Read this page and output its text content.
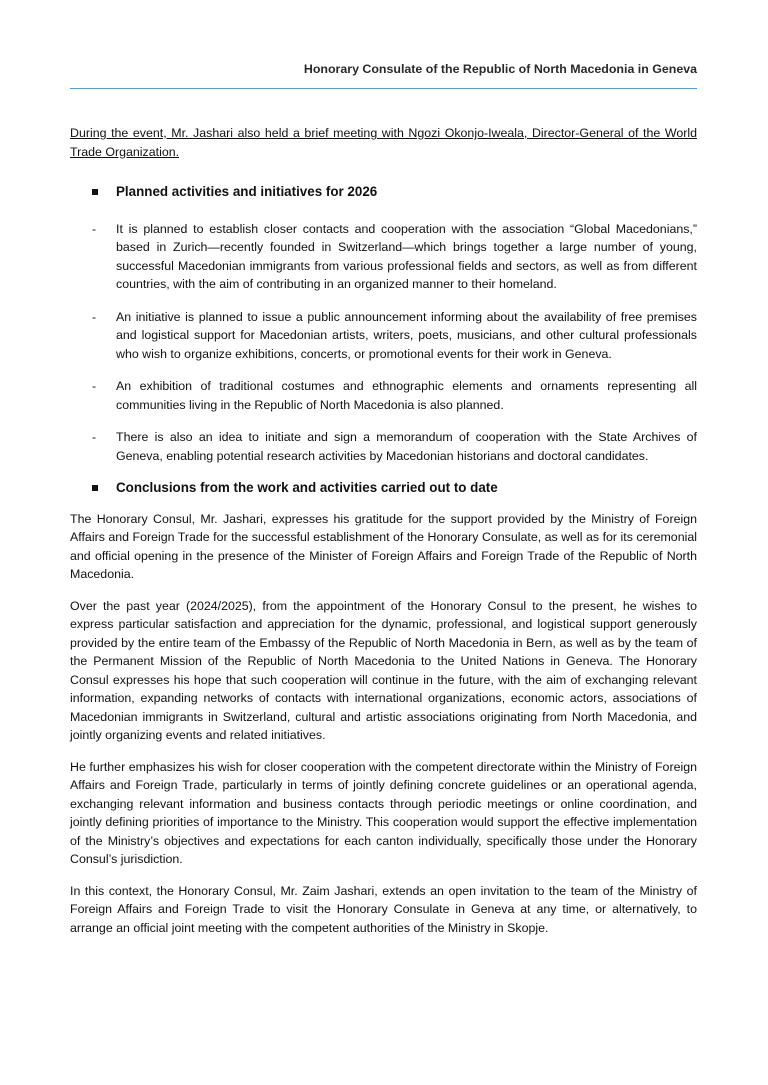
Honorary Consulate of the Republic of North Macedonia in Geneva

During the event, Mr. Jashari also held a brief meeting with Ngozi Okonjo-Iweala, Director-General of the World Trade Organization.

Planned activities and initiatives for 2026
-	It is planned to establish closer contacts and cooperation with the association “Global Macedonians,” based in Zurich—recently founded in Switzerland—which brings together a large number of young, successful Macedonian immigrants from various professional fields and sectors, as well as from different countries, with the aim of contributing in an organized manner to their homeland.
-	An initiative is planned to issue a public announcement informing about the availability of free premises and logistical support for Macedonian artists, writers, poets, musicians, and other cultural professionals who wish to organize exhibitions, concerts, or promotional events for their work in Geneva.
-	An exhibition of traditional costumes and ethnographic elements and ornaments representing all communities living in the Republic of North Macedonia is also planned.
-	There is also an idea to initiate and sign a memorandum of cooperation with the State Archives of Geneva, enabling potential research activities by Macedonian historians and doctoral candidates.
Conclusions from the work and activities carried out to date

The Honorary Consul, Mr. Jashari, expresses his gratitude for the support provided by the Ministry of Foreign Affairs and Foreign Trade for the successful establishment of the Honorary Consulate, as well as for its ceremonial and official opening in the presence of the Minister of Foreign Affairs and Foreign Trade of the Republic of North Macedonia.

Over the past year (2024/2025), from the appointment of the Honorary Consul to the present, he wishes to express particular satisfaction and appreciation for the dynamic, professional, and logistical support generously provided by the entire team of the Embassy of the Republic of North Macedonia in Bern, as well as by the team of the Permanent Mission of the Republic of North Macedonia to the United Nations in Geneva. The Honorary Consul expresses his hope that such cooperation will continue in the future, with the aim of exchanging relevant information, expanding networks of contacts with international organizations, economic actors, associations of Macedonian immigrants in Switzerland, cultural and artistic associations originating from North Macedonia, and jointly organizing events and related initiatives.

He further emphasizes his wish for closer cooperation with the competent directorate within the Ministry of Foreign Affairs and Foreign Trade, particularly in terms of jointly defining concrete guidelines or an operational agenda, exchanging relevant information and business contacts through periodic meetings or online coordination, and jointly defining priorities of importance to the Ministry. This cooperation would support the effective implementation of the Ministry’s objectives and expectations for each canton individually, specifically those under the Honorary Consul’s jurisdiction.

In this context, the Honorary Consul, Mr. Zaim Jashari, extends an open invitation to the team of the Ministry of Foreign Affairs and Foreign Trade to visit the Honorary Consulate in Geneva at any time, or alternatively, to arrange an official joint meeting with the competent authorities of the Ministry in Skopje.
